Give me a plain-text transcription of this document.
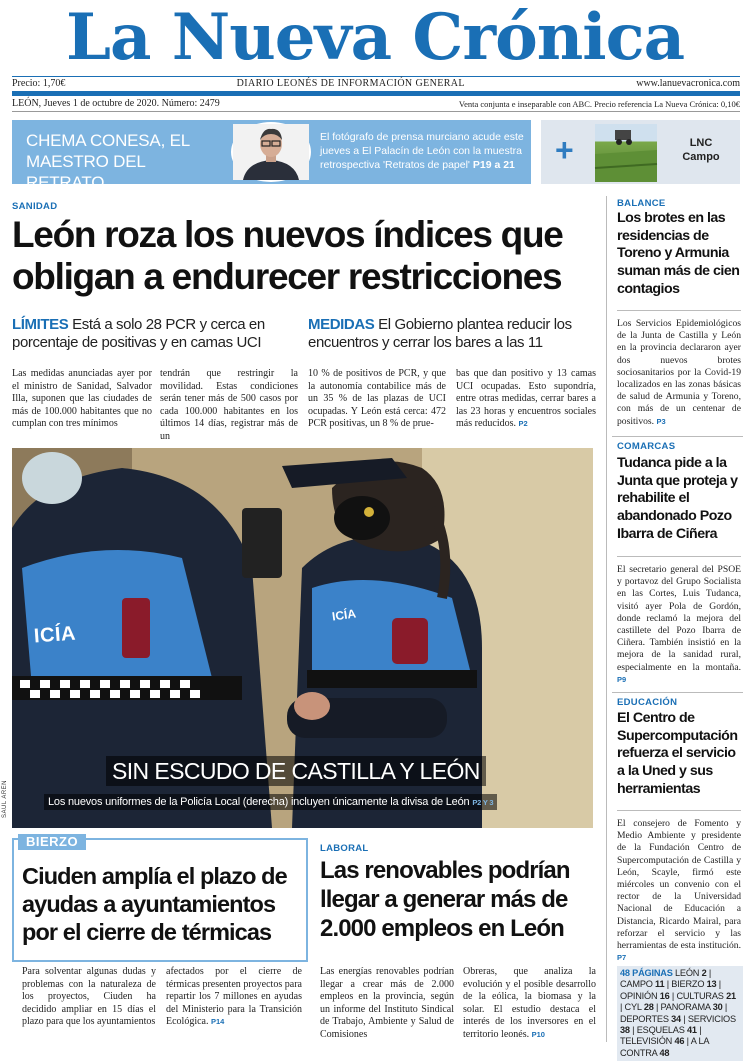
La Nueva Crónica
Precio: 1,70€	DIARIO LEONÉS DE INFORMACIÓN GENERAL	www.lanuevacronica.com
LEÓN, Jueves 1 de octubre de 2020. Número: 2479	Venta conjunta e inseparable con ABC. Precio referencia La Nueva Crónica: 0,10€
CHEMA CONESA, EL MAESTRO DEL RETRATO
El fotógrafo de prensa murciano acude este jueves a El Palacín de León con la muestra retrospectiva 'Retratos de papel' P19 a 21	+	LNC
Campo
SANIDAD
León roza los nuevos índices que obligan a endurecer restricciones
LÍMITES Está a solo 28 PCR y cerca en porcentaje de positivas y en camas UCI
MEDIDAS El Gobierno plantea reducir los encuentros y cerrar los bares a las 11
Las medidas anunciadas ayer por el ministro de Sanidad, Salvador Illa, suponen que las ciudades de más de 100.000 habitantes que no cumplan con tres mínimos
tendrán que restringir la movilidad. Estas condiciones serán tener más de 500 casos por cada 100.000 habitantes en los últimos 14 días, registrar más de un
10 % de positivos de PCR, y que la autonomía contabilice más de un 35 % de las plazas de UCI ocupadas. Y León está cerca: 472 PCR positivas, un 8 % de prue-
bas que dan positivo y 13 camas UCI ocupadas. Esto supondría, entre otras medidas, cerrar bares a las 23 horas y encuentros sociales más reducidos. P2
ICÍA
ICÍA
SIN ESCUDO DE CASTILLA Y LEÓN
Los nuevos uniformes de la Policía Local (derecha) incluyen únicamente la divisa de León P2 Y 3
SAÚL ARÉN
BIERZO
Ciuden amplía el plazo de ayudas a ayuntamientos por el cierre de térmicas
Para solventar algunas dudas y problemas con la naturaleza de los proyectos, Ciuden ha decidido ampliar en 15 días el plazo para que los ayuntamientos
afectados por el cierre de térmicas presenten proyectos para repartir los 7 millones en ayudas del Ministerio para la Transición Ecológica. P14
LABORAL
Las renovables podrían llegar a generar más de 2.000 empleos en León
Las energías renovables podrían llegar a crear más de 2.000 empleos en la provincia, según un informe del Instituto Sindical de Trabajo, Ambiente y Salud de Comisiones
Obreras, que analiza la evolución y el posible desarrollo de la eólica, la biomasa y la solar. El estudio destaca el interés de los inversores en el territorio leonés. P10
BALANCE
Los brotes en las residencias de Toreno y Armunia suman más de cien contagios
Los Servicios Epidemiológicos de la Junta de Castilla y León en la provincia declararon ayer dos nuevos brotes sociosanitarios por la Covid-19 localizados en las zonas básicas de salud de Armunia y Toreno, con más de un centenar de positivos. P3
COMARCAS
Tudanca pide a la Junta que proteja y rehabilite el abandonado Pozo Ibarra de Ciñera
El secretario general del PSOE y portavoz del Grupo Socialista en las Cortes, Luis Tudanca, visitó ayer Pola de Gordón, donde reclamó la mejora del castillete del Pozo Ibarra de Ciñera. También insistió en la mejora de la sanidad rural, especialmente en la montaña. P9
EDUCACIÓN
El Centro de Supercomputación refuerza el servicio a la Uned y sus herramientas
El consejero de Fomento y Medio Ambiente y presidente de la Fundación Centro de Supercomputación de Castilla y León, Scayle, firmó este miércoles un convenio con el rector de la Universidad Nacional de Educación a Distancia, Ricardo Mairal, para reforzar el servicio y las herramientas de esta institución. P7
48 PÁGINAS LEÓN 2 | CAMPO 11 | BIERZO 13 | OPINIÓN 16 | CULTURAS 21 | CYL 28 | PANORAMA 30 | DEPORTES 34 | SERVICIOS 38 | ESQUELAS 41 | TELEVISIÓN 46 | A LA CONTRA 48
